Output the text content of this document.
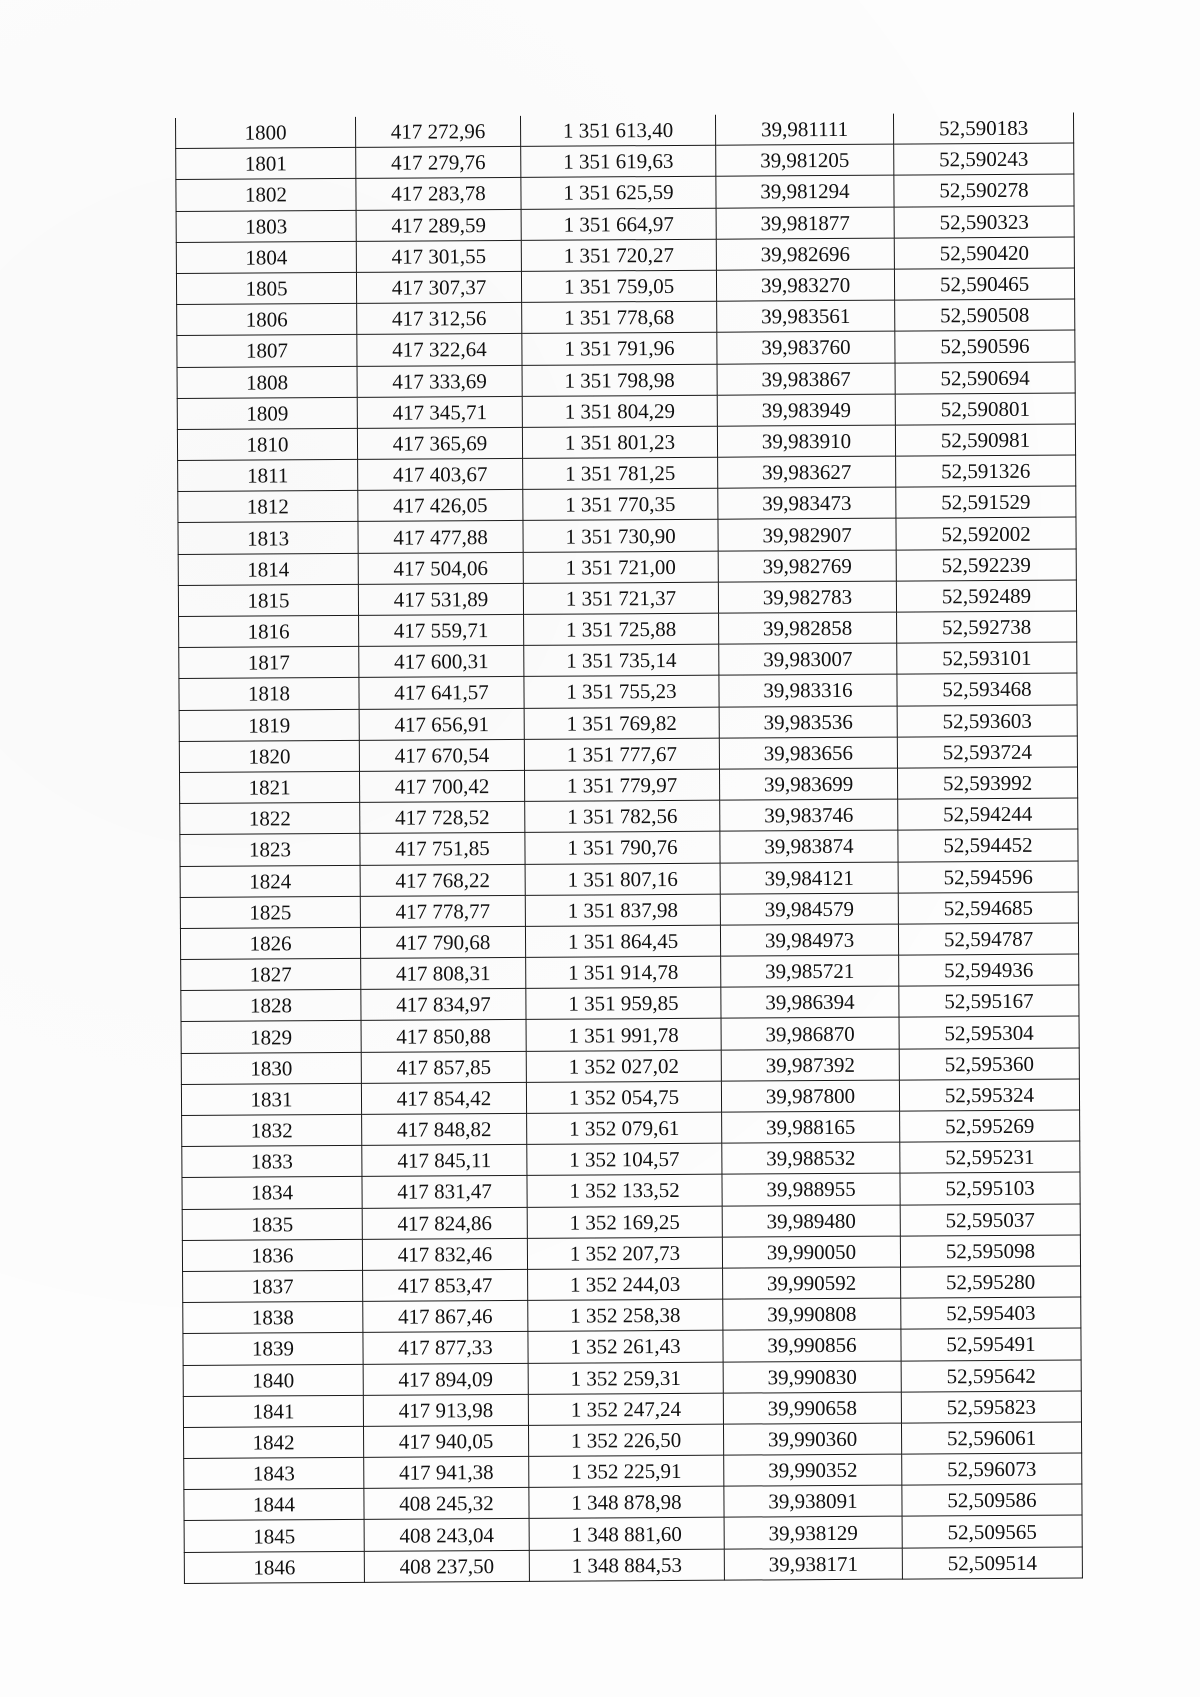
1800	417 272,96	1 351 613,40	39,981111	52,590183
1801	417 279,76	1 351 619,63	39,981205	52,590243
1802	417 283,78	1 351 625,59	39,981294	52,590278
1803	417 289,59	1 351 664,97	39,981877	52,590323
1804	417 301,55	1 351 720,27	39,982696	52,590420
1805	417 307,37	1 351 759,05	39,983270	52,590465
1806	417 312,56	1 351 778,68	39,983561	52,590508
1807	417 322,64	1 351 791,96	39,983760	52,590596
1808	417 333,69	1 351 798,98	39,983867	52,590694
1809	417 345,71	1 351 804,29	39,983949	52,590801
1810	417 365,69	1 351 801,23	39,983910	52,590981
1811	417 403,67	1 351 781,25	39,983627	52,591326
1812	417 426,05	1 351 770,35	39,983473	52,591529
1813	417 477,88	1 351 730,90	39,982907	52,592002
1814	417 504,06	1 351 721,00	39,982769	52,592239
1815	417 531,89	1 351 721,37	39,982783	52,592489
1816	417 559,71	1 351 725,88	39,982858	52,592738
1817	417 600,31	1 351 735,14	39,983007	52,593101
1818	417 641,57	1 351 755,23	39,983316	52,593468
1819	417 656,91	1 351 769,82	39,983536	52,593603
1820	417 670,54	1 351 777,67	39,983656	52,593724
1821	417 700,42	1 351 779,97	39,983699	52,593992
1822	417 728,52	1 351 782,56	39,983746	52,594244
1823	417 751,85	1 351 790,76	39,983874	52,594452
1824	417 768,22	1 351 807,16	39,984121	52,594596
1825	417 778,77	1 351 837,98	39,984579	52,594685
1826	417 790,68	1 351 864,45	39,984973	52,594787
1827	417 808,31	1 351 914,78	39,985721	52,594936
1828	417 834,97	1 351 959,85	39,986394	52,595167
1829	417 850,88	1 351 991,78	39,986870	52,595304
1830	417 857,85	1 352 027,02	39,987392	52,595360
1831	417 854,42	1 352 054,75	39,987800	52,595324
1832	417 848,82	1 352 079,61	39,988165	52,595269
1833	417 845,11	1 352 104,57	39,988532	52,595231
1834	417 831,47	1 352 133,52	39,988955	52,595103
1835	417 824,86	1 352 169,25	39,989480	52,595037
1836	417 832,46	1 352 207,73	39,990050	52,595098
1837	417 853,47	1 352 244,03	39,990592	52,595280
1838	417 867,46	1 352 258,38	39,990808	52,595403
1839	417 877,33	1 352 261,43	39,990856	52,595491
1840	417 894,09	1 352 259,31	39,990830	52,595642
1841	417 913,98	1 352 247,24	39,990658	52,595823
1842	417 940,05	1 352 226,50	39,990360	52,596061
1843	417 941,38	1 352 225,91	39,990352	52,596073
1844	408 245,32	1 348 878,98	39,938091	52,509586
1845	408 243,04	1 348 881,60	39,938129	52,509565
1846	408 237,50	1 348 884,53	39,938171	52,509514
